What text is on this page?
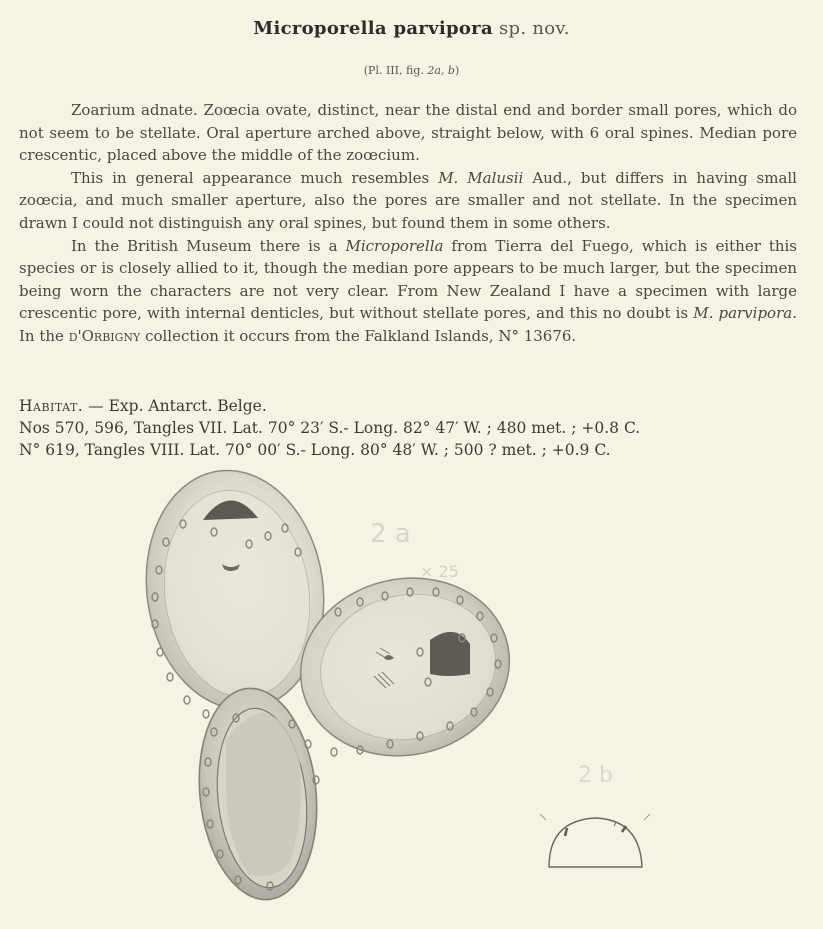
Microporella parvipora sp. nov.
(Pl. III, fig. 2a, b)

Zoarium adnate. Zoœcia ovate, distinct, near the distal end and border small pores, which do not seem to be stellate. Oral aperture arched above, straight below, with 6 oral spines. Median pore crescentic, placed above the middle of the zoœcium.

This in general appearance much resembles M. Malusii Aud., but differs in having small zoœcia, and much smaller aperture, also the pores are smaller and not stellate. In the specimen drawn I could not distinguish any oral spines, but found them in some others.

In the British Museum there is a Microporella from Tierra del Fuego, which is either this species or is closely allied to it, though the median pore appears to be much larger, but the specimen being worn the characters are not very clear. From New Zealand I have a specimen with large crescentic pore, with internal denticles, but without stellate pores, and this no doubt is M. parvipora. In the d'Orbigny collection it occurs from the Falkland Islands, N° 13676.

Habitat. — Exp. Antarct. Belge.
Nos 570, 596, Tangles VII. Lat. 70° 23′ S.- Long. 82° 47′ W. ; 480 met. ; +0.8 C.
N° 619, Tangles VIII. Lat. 70° 00′ S.- Long. 80° 48′ W. ; 500 ? met. ; +0.9 C.
2 a
× 25
2 b
